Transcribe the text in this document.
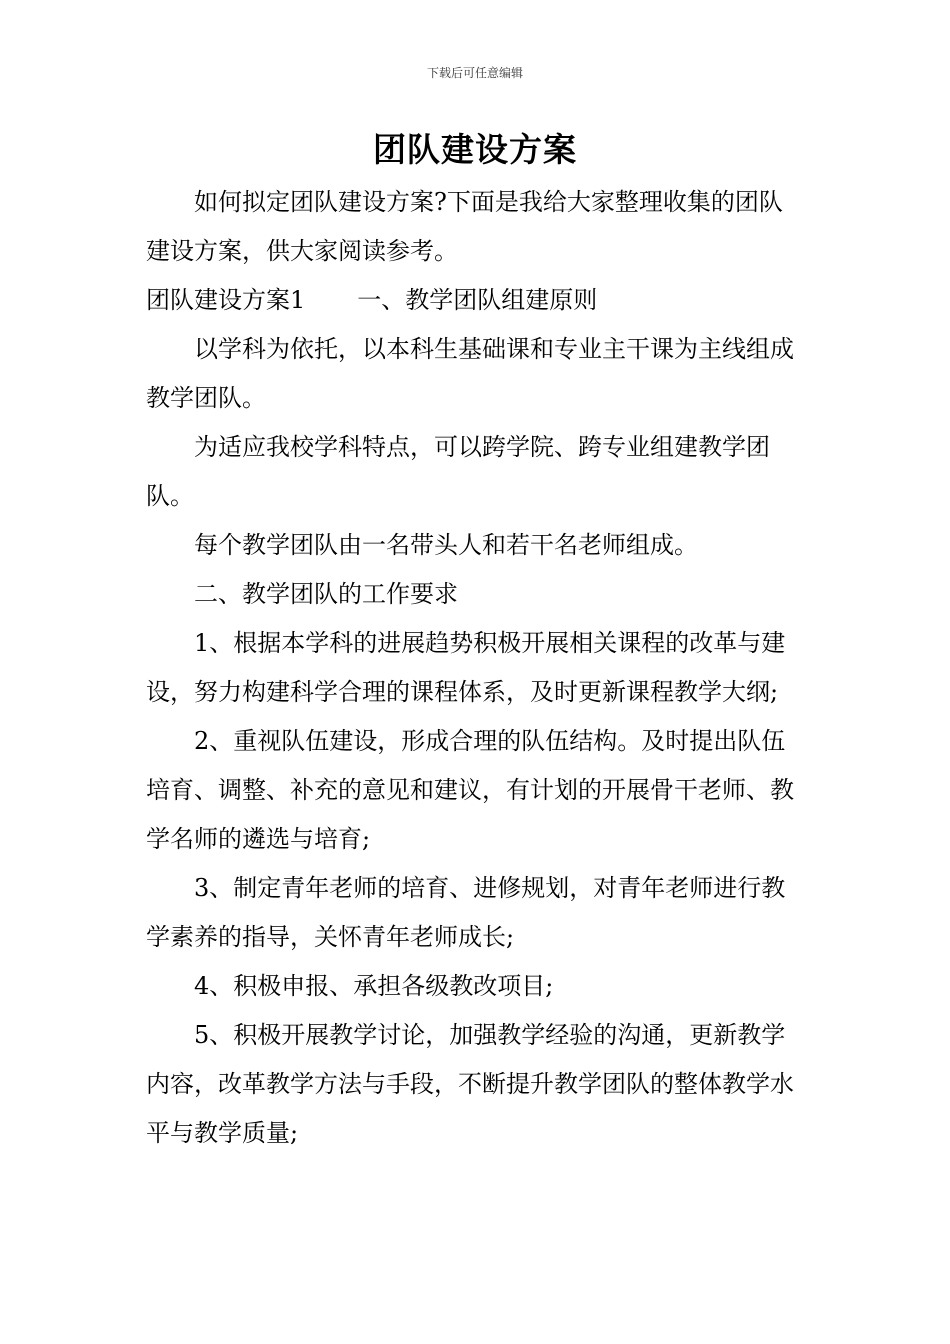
下载后可任意编辑
团队建设方案

如何拟定团队建设方案?下面是我给大家整理收集的团队建设方案，供大家阅读参考。

团队建设方案1 一、教学团队组建原则

以学科为依托，以本科生基础课和专业主干课为主线组成教学团队。

为适应我校学科特点，可以跨学院、跨专业组建教学团队。

每个教学团队由一名带头人和若干名老师组成。

二、教学团队的工作要求

1、根据本学科的进展趋势积极开展相关课程的改革与建设，努力构建科学合理的课程体系，及时更新课程教学大纲;

2、重视队伍建设，形成合理的队伍结构。及时提出队伍培育、调整、补充的意见和建议，有计划的开展骨干老师、教学名师的遴选与培育;

3、制定青年老师的培育、进修规划，对青年老师进行教学素养的指导，关怀青年老师成长;

4、积极申报、承担各级教改项目;

5、积极开展教学讨论，加强教学经验的沟通，更新教学内容，改革教学方法与手段，不断提升教学团队的整体教学水平与教学质量;
